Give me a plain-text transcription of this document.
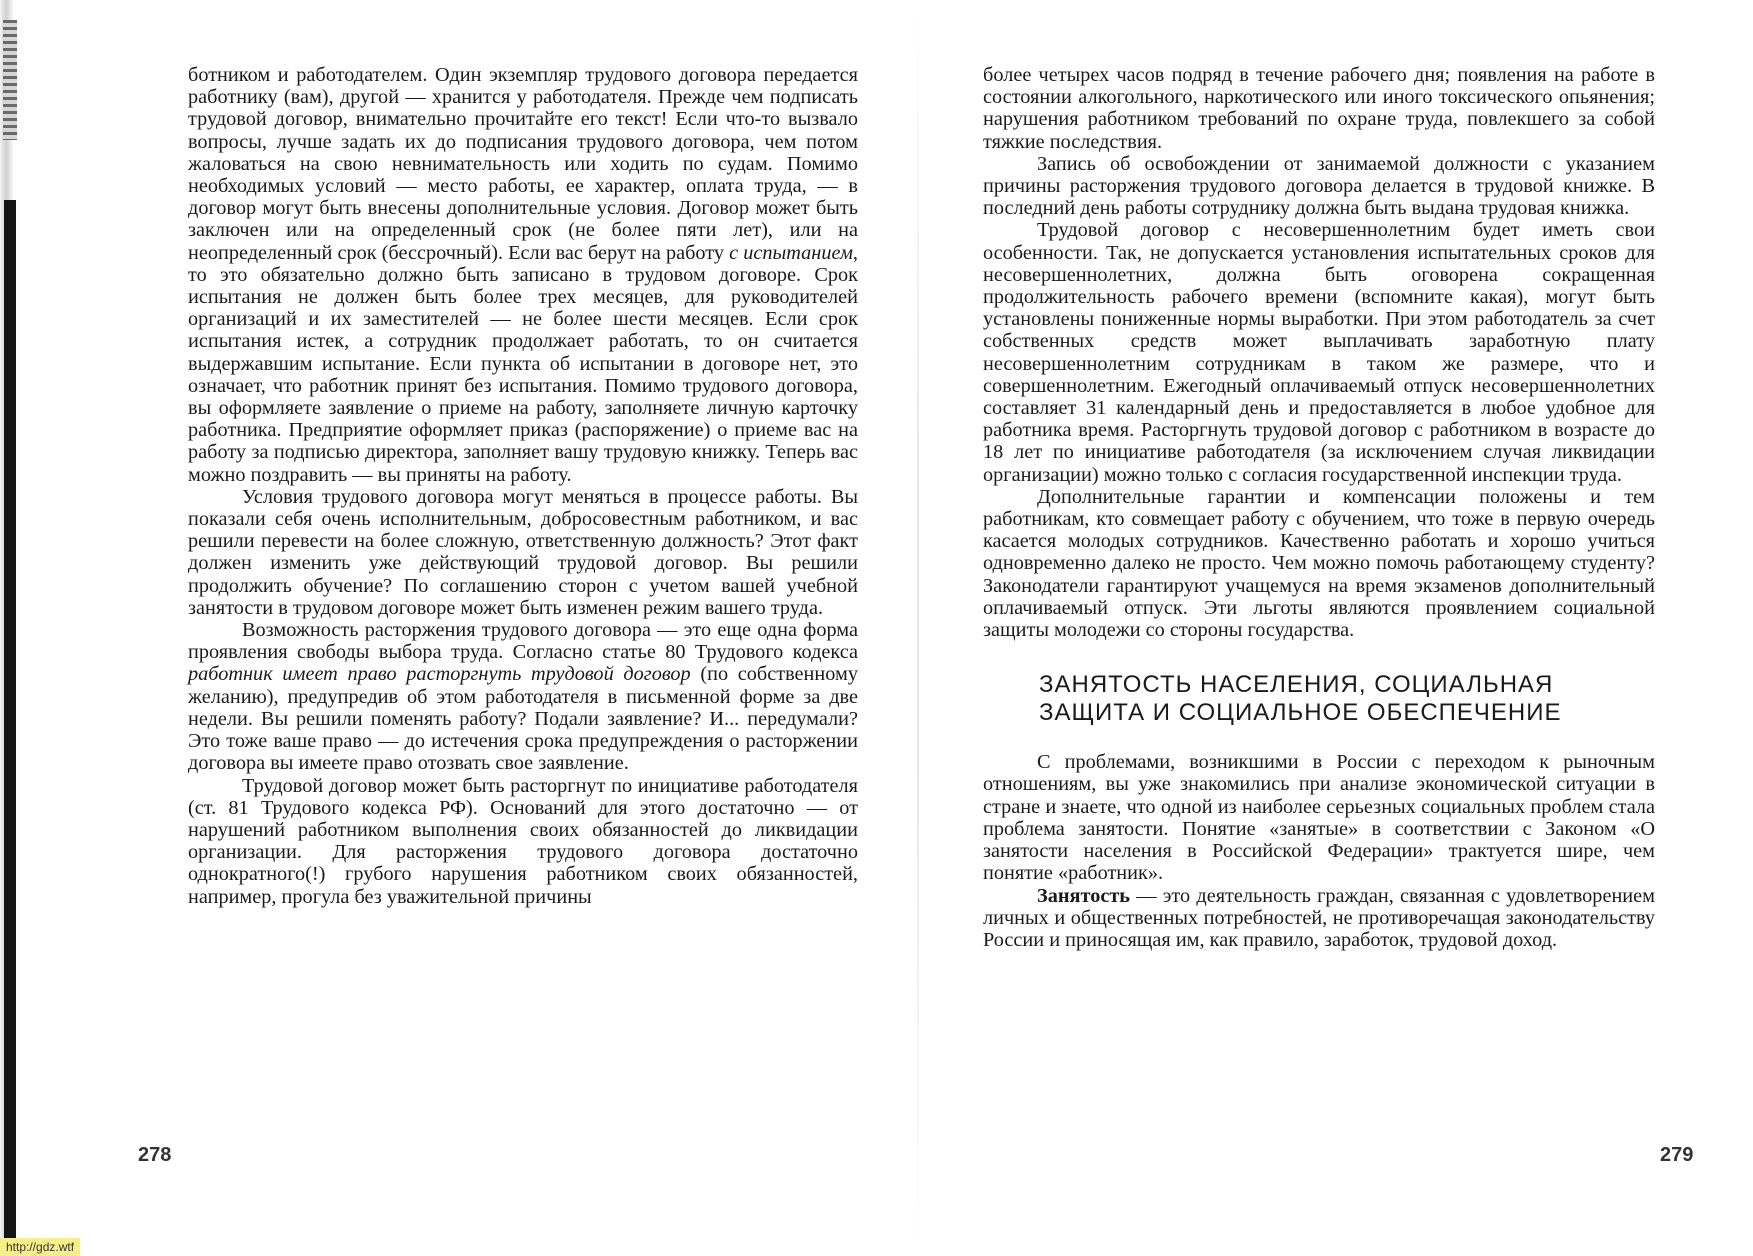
ботником и работодателем. Один экземпляр трудового договора передается работнику (вам), другой — хранится у работодателя. Прежде чем подписать трудовой договор, внимательно прочитайте его текст! Если что-то вызвало вопросы, лучше задать их до подписания трудового договора, чем потом жаловаться на свою невнимательность или ходить по судам. Помимо необходимых условий — место работы, ее характер, оплата труда, — в договор могут быть внесены дополнительные условия. Договор может быть заключен или на определенный срок (не более пяти лет), или на неопределенный срок (бессрочный). Если вас берут на работу с испытанием, то это обязательно должно быть записано в трудовом договоре. Срок испытания не должен быть более трех месяцев, для руководителей организаций и их заместителей — не более шести месяцев. Если срок испытания истек, а сотрудник продолжает работать, то он считается выдержавшим испытание. Если пункта об испытании в договоре нет, это означает, что работник принят без испытания. Помимо трудового договора, вы оформляете заявление о приеме на работу, заполняете личную карточку работника. Предприятие оформляет приказ (распоряжение) о приеме вас на работу за подписью директора, заполняет вашу трудовую книжку. Теперь вас можно поздравить — вы приняты на работу.

Условия трудового договора могут меняться в процессе работы. Вы показали себя очень исполнительным, добросовестным работником, и вас решили перевести на более сложную, ответственную должность? Этот факт должен изменить уже действующий трудовой договор. Вы решили продолжить обучение? По соглашению сторон с учетом вашей учебной занятости в трудовом договоре может быть изменен режим вашего труда.

Возможность расторжения трудового договора — это еще одна форма проявления свободы выбора труда. Согласно статье 80 Трудового кодекса работник имеет право расторгнуть трудовой договор (по собственному желанию), предупредив об этом работодателя в письменной форме за две недели. Вы решили поменять работу? Подали заявление? И... передумали? Это тоже ваше право — до истечения срока предупреждения о расторжении договора вы имеете право отозвать свое заявление.

Трудовой договор может быть расторгнут по инициативе работодателя (ст. 81 Трудового кодекса РФ). Оснований для этого достаточно — от нарушений работником выполнения своих обязанностей до ликвидации организации. Для расторжения трудового договора достаточно однократного(!) грубого нарушения работником своих обязанностей, например, прогула без уважительной причины

более четырех часов подряд в течение рабочего дня; появления на работе в состоянии алкогольного, наркотического или иного токсического опьянения; нарушения работником требований по охране труда, повлекшего за собой тяжкие последствия.

Запись об освобождении от занимаемой должности с указанием причины расторжения трудового договора делается в трудовой книжке. В последний день работы сотруднику должна быть выдана трудовая книжка.

Трудовой договор с несовершеннолетним будет иметь свои особенности. Так, не допускается установления испытательных сроков для несовершеннолетних, должна быть оговорена сокращенная продолжительность рабочего времени (вспомните какая), могут быть установлены пониженные нормы выработки. При этом работодатель за счет собственных средств может выплачивать заработную плату несовершеннолетним сотрудникам в таком же размере, что и совершеннолетним. Ежегодный оплачиваемый отпуск несовершеннолетних составляет 31 календарный день и предоставляется в любое удобное для работника время. Расторгнуть трудовой договор с работником в возрасте до 18 лет по инициативе работодателя (за исключением случая ликвидации организации) можно только с согласия государственной инспекции труда.

Дополнительные гарантии и компенсации положены и тем работникам, кто совмещает работу с обучением, что тоже в первую очередь касается молодых сотрудников. Качественно работать и хорошо учиться одновременно далеко не просто. Чем можно помочь работающему студенту? Законодатели гарантируют учащемуся на время экзаменов дополнительный оплачиваемый отпуск. Эти льготы являются проявлением социальной защиты молодежи со стороны государства.

ЗАНЯТОСТЬ НАСЕЛЕНИЯ, СОЦИАЛЬНАЯ
ЗАЩИТА И СОЦИАЛЬНОЕ ОБЕСПЕЧЕНИЕ

С проблемами, возникшими в России с переходом к рыночным отношениям, вы уже знакомились при анализе экономической ситуации в стране и знаете, что одной из наиболее серьезных социальных проблем стала проблема занятости. Понятие «занятые» в соответствии с Законом «О занятости населения в Российской Федерации» трактуется шире, чем понятие «работник».

Занятость — это деятельность граждан, связанная с удовлетворением личных и общественных потребностей, не противоречащая законодательству России и приносящая им, как правило, заработок, трудовой доход.

278	279
http://gdz.wtf
